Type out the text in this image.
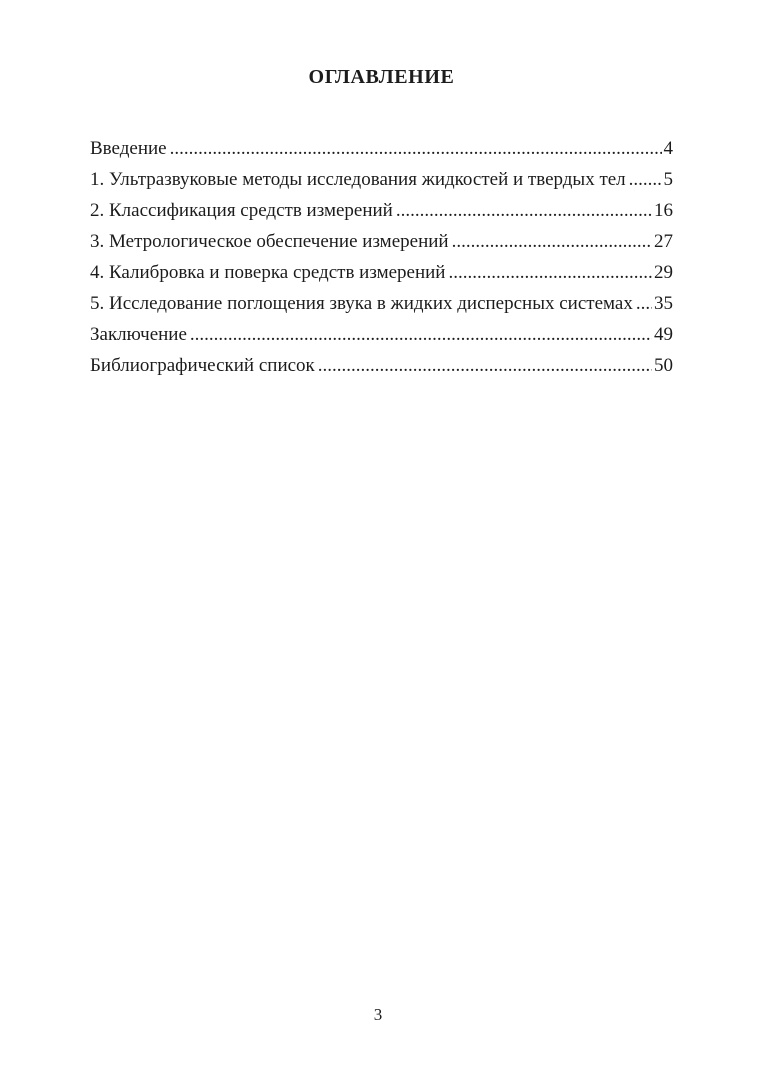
ОГЛАВЛЕНИЕ
Введение .....	4
1. Ультразвуковые методы исследования жидкостей и твердых тел ..... 5
2. Классификация средств измерений .....	16
3. Метрологическое обеспечение измерений .....	27
4. Калибровка и поверка средств измерений .....	29
5. Исследование поглощения звука в жидких дисперсных системах ..... 35
Заключение .....	49
Библиографический список .....	50
3
